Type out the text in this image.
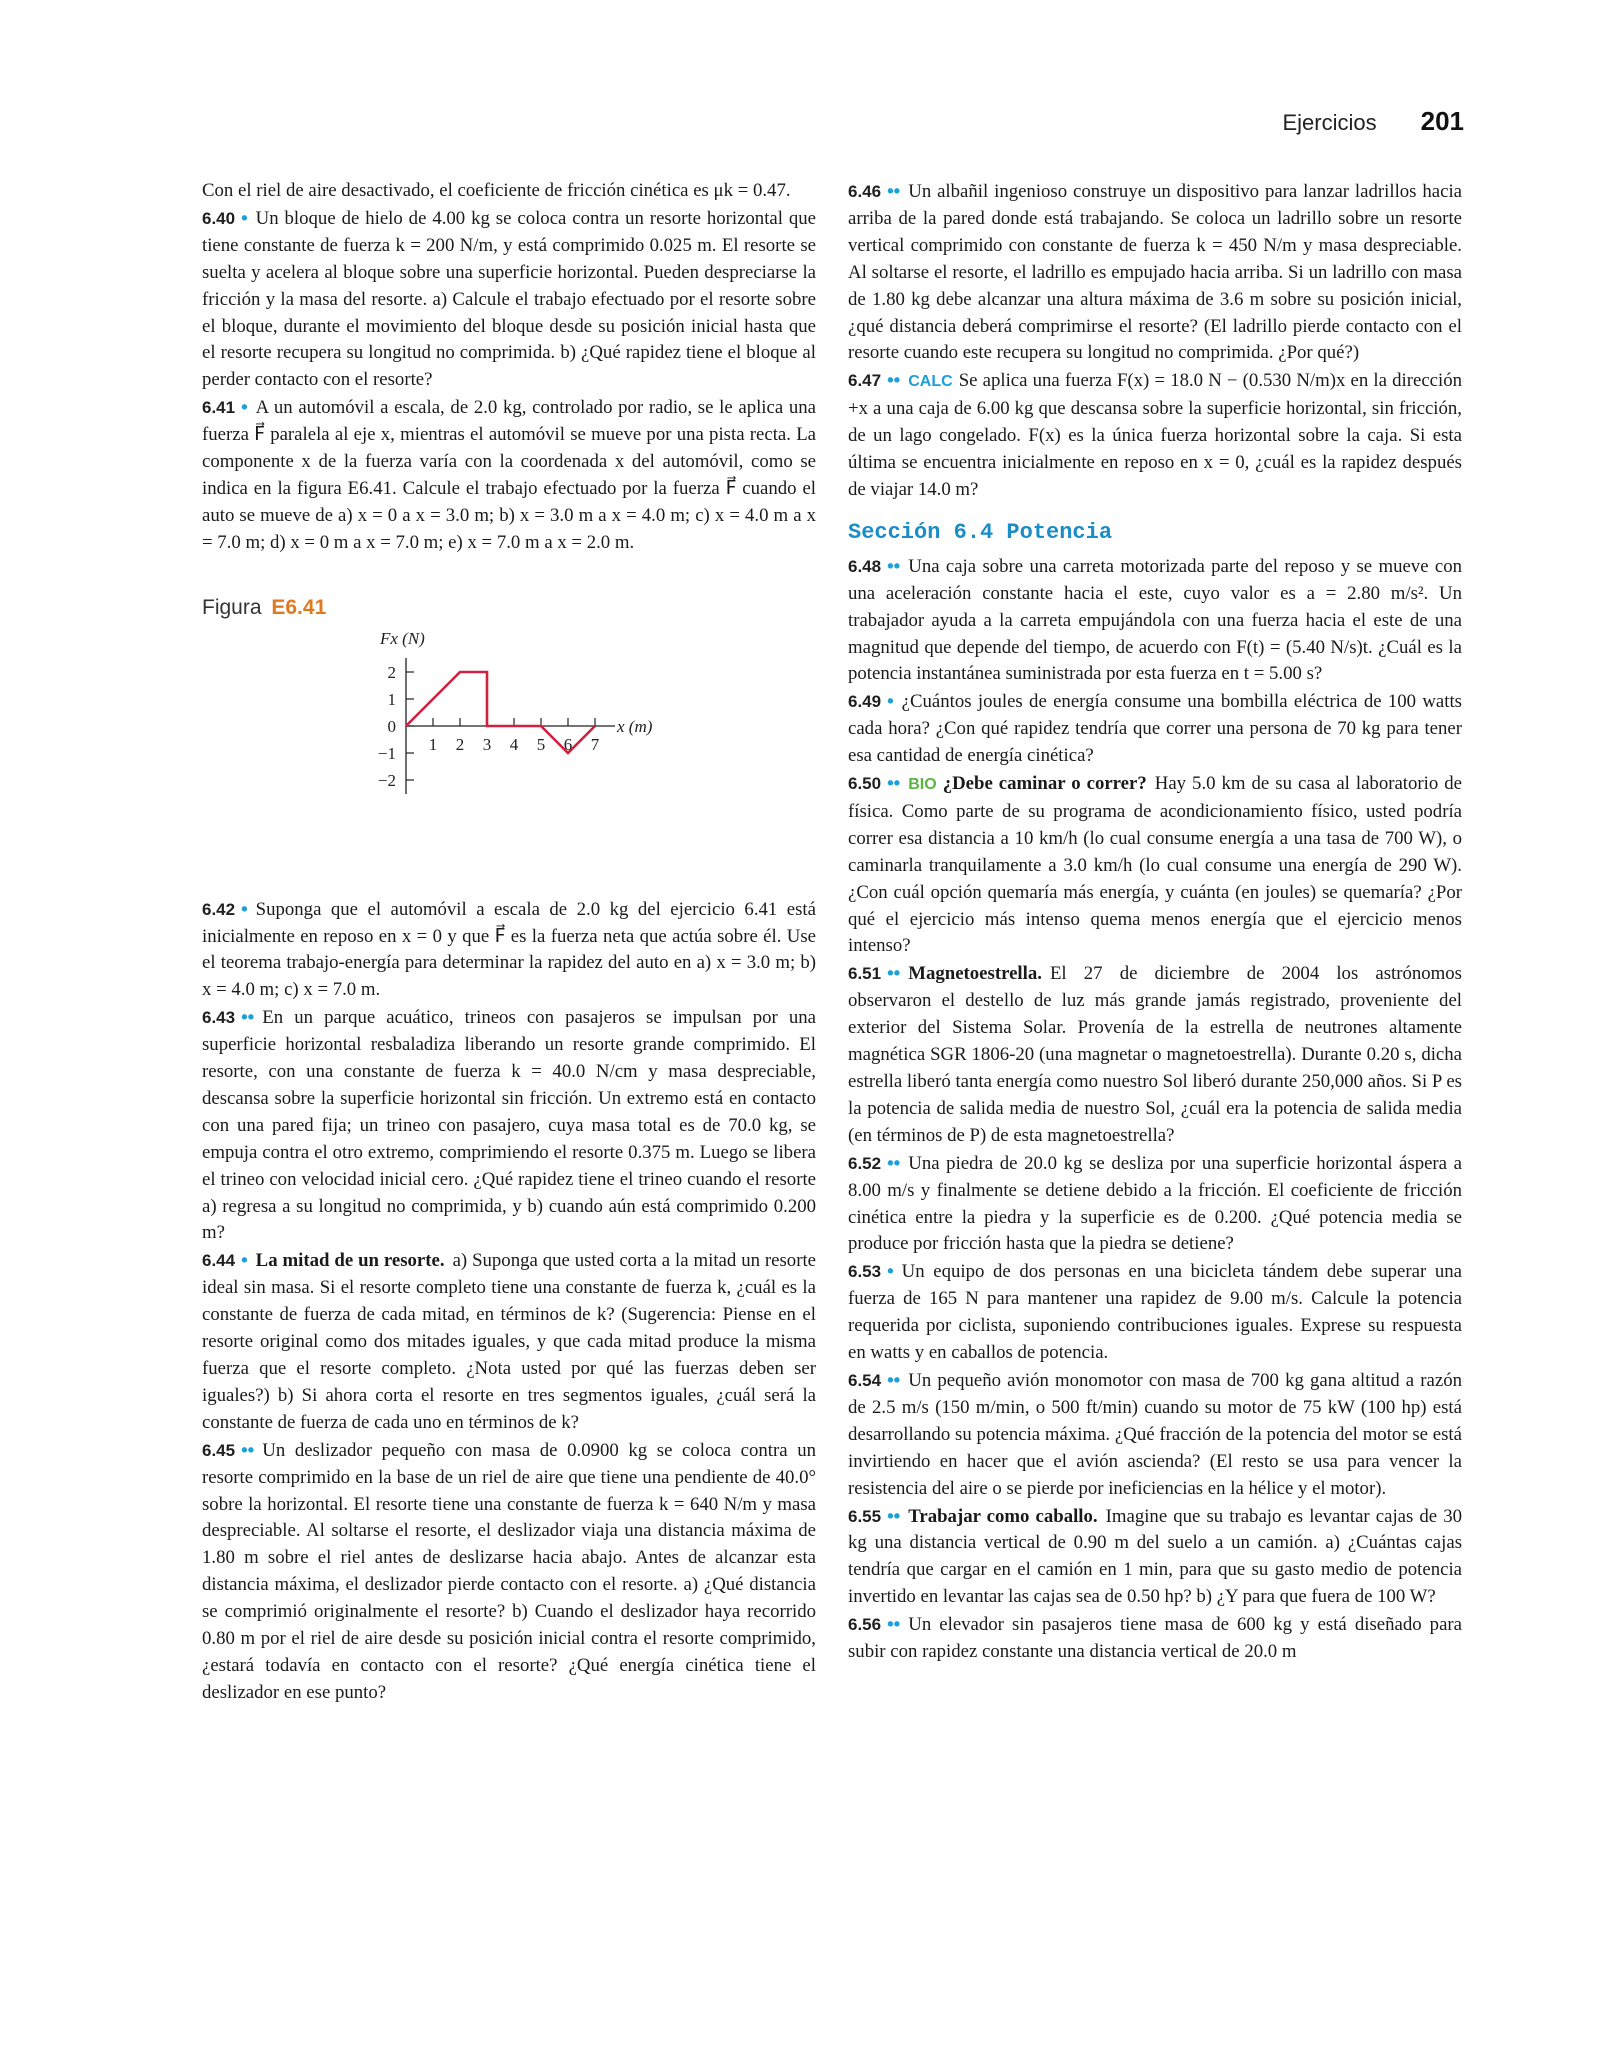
Ejercicios 201

Con el riel de aire desactivado, el coeficiente de fricción cinética es μk = 0.47.

6.40 • Un bloque de hielo de 4.00 kg se coloca contra un resorte horizontal que tiene constante de fuerza k = 200 N/m, y está comprimido 0.025 m. El resorte se suelta y acelera al bloque sobre una superficie horizontal. Pueden despreciarse la fricción y la masa del resorte. a) Calcule el trabajo efectuado por el resorte sobre el bloque, durante el movimiento del bloque desde su posición inicial hasta que el resorte recupera su longitud no comprimida. b) ¿Qué rapidez tiene el bloque al perder contacto con el resorte?

6.41 • A un automóvil a escala, de 2.0 kg, controlado por radio, se le aplica una fuerza F⃗ paralela al eje x, mientras el automóvil se mueve por una pista recta. La componente x de la fuerza varía con la coordenada x del automóvil, como se indica en la figura E6.41. Calcule el trabajo efectuado por la fuerza F⃗ cuando el auto se mueve de a) x = 0 a x = 3.0 m; b) x = 3.0 m a x = 4.0 m; c) x = 4.0 m a x = 7.0 m; d) x = 0 m a x = 7.0 m; e) x = 7.0 m a x = 2.0 m.

Figura E6.41
Fx (N)
x (m)
2
1
0
−1
−2
1 2 3 4 5 6 7

6.42 • Suponga que el automóvil a escala de 2.0 kg del ejercicio 6.41 está inicialmente en reposo en x = 0 y que F⃗ es la fuerza neta que actúa sobre él. Use el teorema trabajo-energía para determinar la rapidez del auto en a) x = 3.0 m; b) x = 4.0 m; c) x = 7.0 m.

6.43 •• En un parque acuático, trineos con pasajeros se impulsan por una superficie horizontal resbaladiza liberando un resorte grande comprimido. El resorte, con una constante de fuerza k = 40.0 N/cm y masa despreciable, descansa sobre la superficie horizontal sin fricción. Un extremo está en contacto con una pared fija; un trineo con pasajero, cuya masa total es de 70.0 kg, se empuja contra el otro extremo, comprimiendo el resorte 0.375 m. Luego se libera el trineo con velocidad inicial cero. ¿Qué rapidez tiene el trineo cuando el resorte a) regresa a su longitud no comprimida, y b) cuando aún está comprimido 0.200 m?

6.44 • La mitad de un resorte. a) Suponga que usted corta a la mitad un resorte ideal sin masa. Si el resorte completo tiene una constante de fuerza k, ¿cuál es la constante de fuerza de cada mitad, en términos de k? (Sugerencia: Piense en el resorte original como dos mitades iguales, y que cada mitad produce la misma fuerza que el resorte completo. ¿Nota usted por qué las fuerzas deben ser iguales?) b) Si ahora corta el resorte en tres segmentos iguales, ¿cuál será la constante de fuerza de cada uno en términos de k?

6.45 •• Un deslizador pequeño con masa de 0.0900 kg se coloca contra un resorte comprimido en la base de un riel de aire que tiene una pendiente de 40.0° sobre la horizontal. El resorte tiene una constante de fuerza k = 640 N/m y masa despreciable. Al soltarse el resorte, el deslizador viaja una distancia máxima de 1.80 m sobre el riel antes de deslizarse hacia abajo. Antes de alcanzar esta distancia máxima, el deslizador pierde contacto con el resorte. a) ¿Qué distancia se comprimió originalmente el resorte? b) Cuando el deslizador haya recorrido 0.80 m por el riel de aire desde su posición inicial contra el resorte comprimido, ¿estará todavía en contacto con el resorte? ¿Qué energía cinética tiene el deslizador en ese punto?

6.46 •• Un albañil ingenioso construye un dispositivo para lanzar ladrillos hacia arriba de la pared donde está trabajando. Se coloca un ladrillo sobre un resorte vertical comprimido con constante de fuerza k = 450 N/m y masa despreciable. Al soltarse el resorte, el ladrillo es empujado hacia arriba. Si un ladrillo con masa de 1.80 kg debe alcanzar una altura máxima de 3.6 m sobre su posición inicial, ¿qué distancia deberá comprimirse el resorte? (El ladrillo pierde contacto con el resorte cuando este recupera su longitud no comprimida. ¿Por qué?)

6.47 •• CALC Se aplica una fuerza F(x) = 18.0 N − (0.530 N/m)x en la dirección +x a una caja de 6.00 kg que descansa sobre la superficie horizontal, sin fricción, de un lago congelado. F(x) es la única fuerza horizontal sobre la caja. Si esta última se encuentra inicialmente en reposo en x = 0, ¿cuál es la rapidez después de viajar 14.0 m?

Sección 6.4 Potencia

6.48 •• Una caja sobre una carreta motorizada parte del reposo y se mueve con una aceleración constante hacia el este, cuyo valor es a = 2.80 m/s². Un trabajador ayuda a la carreta empujándola con una fuerza hacia el este de una magnitud que depende del tiempo, de acuerdo con F(t) = (5.40 N/s)t. ¿Cuál es la potencia instantánea suministrada por esta fuerza en t = 5.00 s?

6.49 • ¿Cuántos joules de energía consume una bombilla eléctrica de 100 watts cada hora? ¿Con qué rapidez tendría que correr una persona de 70 kg para tener esa cantidad de energía cinética?

6.50 •• BIO ¿Debe caminar o correr? Hay 5.0 km de su casa al laboratorio de física. Como parte de su programa de acondicionamiento físico, usted podría correr esa distancia a 10 km/h (lo cual consume energía a una tasa de 700 W), o caminarla tranquilamente a 3.0 km/h (lo cual consume una energía de 290 W). ¿Con cuál opción quemaría más energía, y cuánta (en joules) se quemaría? ¿Por qué el ejercicio más intenso quema menos energía que el ejercicio menos intenso?

6.51 •• Magnetoestrella. El 27 de diciembre de 2004 los astrónomos observaron el destello de luz más grande jamás registrado, proveniente del exterior del Sistema Solar. Provenía de la estrella de neutrones altamente magnética SGR 1806-20 (una magnetar o magnetoestrella). Durante 0.20 s, dicha estrella liberó tanta energía como nuestro Sol liberó durante 250,000 años. Si P es la potencia de salida media de nuestro Sol, ¿cuál era la potencia de salida media (en términos de P) de esta magnetoestrella?

6.52 •• Una piedra de 20.0 kg se desliza por una superficie horizontal áspera a 8.00 m/s y finalmente se detiene debido a la fricción. El coeficiente de fricción cinética entre la piedra y la superficie es de 0.200. ¿Qué potencia media se produce por fricción hasta que la piedra se detiene?

6.53 • Un equipo de dos personas en una bicicleta tándem debe superar una fuerza de 165 N para mantener una rapidez de 9.00 m/s. Calcule la potencia requerida por ciclista, suponiendo contribuciones iguales. Exprese su respuesta en watts y en caballos de potencia.

6.54 •• Un pequeño avión monomotor con masa de 700 kg gana altitud a razón de 2.5 m/s (150 m/min, o 500 ft/min) cuando su motor de 75 kW (100 hp) está desarrollando su potencia máxima. ¿Qué fracción de la potencia del motor se está invirtiendo en hacer que el avión ascienda? (El resto se usa para vencer la resistencia del aire o se pierde por ineficiencias en la hélice y el motor).

6.55 •• Trabajar como caballo. Imagine que su trabajo es levantar cajas de 30 kg una distancia vertical de 0.90 m del suelo a un camión. a) ¿Cuántas cajas tendría que cargar en el camión en 1 min, para que su gasto medio de potencia invertido en levantar las cajas sea de 0.50 hp? b) ¿Y para que fuera de 100 W?

6.56 •• Un elevador sin pasajeros tiene masa de 600 kg y está diseñado para subir con rapidez constante una distancia vertical de 20.0 m
